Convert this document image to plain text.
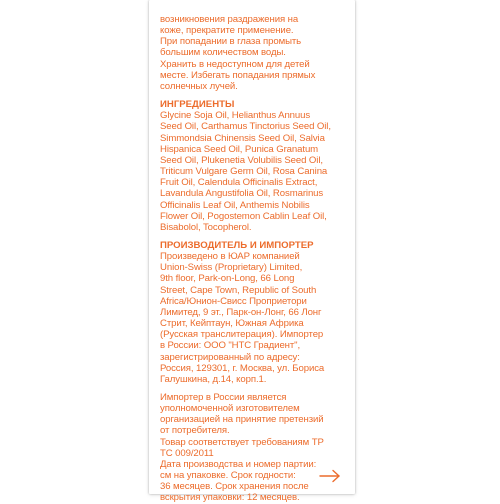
возникновения раздражения на

коже, прекратите применение.

При попадании в глаза промыть

большим количеством воды.

Хранить в недоступном для детей

месте. Избегать попадания прямых

солнечных лучей.

ИНГРЕДИЕНТЫ

Glycine Soja Oil, Helianthus Annuus

Seed Oil, Carthamus Tinctorius Seed Oil,

Simmondsia Chinensis Seed Oil, Salvia

Hispanica Seed Oil, Punica Granatum

Seed Oil, Plukenetia Volubilis Seed Oil,

Triticum Vulgare Germ Oil, Rosa Canina

Fruit Oil, Calendula Officinalis Extract,

Lavandula Angustifolia Oil, Rosmarinus

Officinalis Leaf Oil, Anthemis Nobilis

Flower Oil, Pogostemon Cablin Leaf Oil,

Bisabolol, Tocopherol.

ПРОИЗВОДИТЕЛЬ И ИМПОРТЕР

Произведено в ЮАР компанией

Union-Swiss (Proprietary) Limited,

9th floor, Park-on-Long, 66 Long

Street, Cape Town, Republic of South

Africa/Юнион-Свисс Проприетори

Лимитед, 9 эт., Парк-он-Лонг, 66 Лонг

Стрит, Кейптаун, Южная Африка

(Русская транслитерация). Импортер

в России: ООО "НТС Градиент",

зарегистрированный по адресу:

Россия, 129301, г. Москва, ул. Бориса

Галушкина, д.14, корп.1.

Импортер в России является

уполномоченной изготовителем

организацией на принятие претензий

от потребителя.

Товар соответствует требованиям ТР

ТС 009/2011

Дата производства и номер партии:

см на упаковке. Срок годности:

36 месяцев. Срок хранения после

вскрытия упаковки: 12 месяцев.
